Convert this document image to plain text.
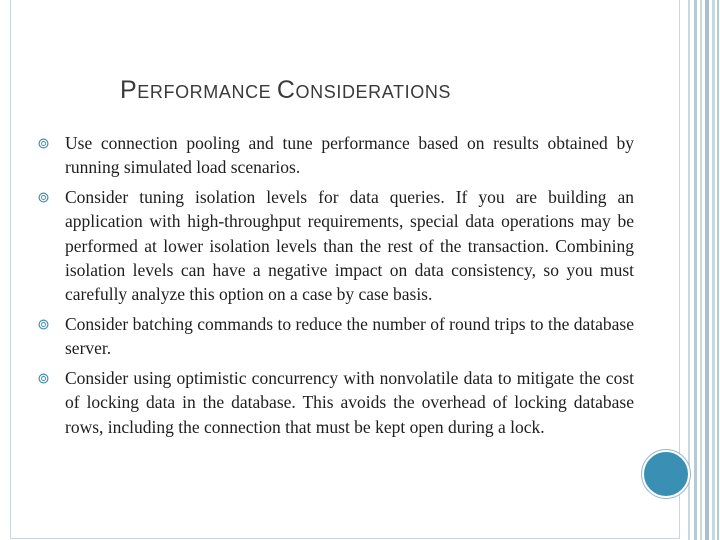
PERFORMANCE CONSIDERATIONS
Use connection pooling and tune performance based on results obtained by running simulated load scenarios.
Consider tuning isolation levels for data queries. If you are building an application with high-throughput requirements, special data operations may be performed at lower isolation levels than the rest of the transaction. Combining isolation levels can have a negative impact on data consistency, so you must carefully analyze this option on a case by case basis.
Consider batching commands to reduce the number of round trips to the database server.
Consider using optimistic concurrency with nonvolatile data to mitigate the cost of locking data in the database. This avoids the overhead of locking database rows, including the connection that must be kept open during a lock.
